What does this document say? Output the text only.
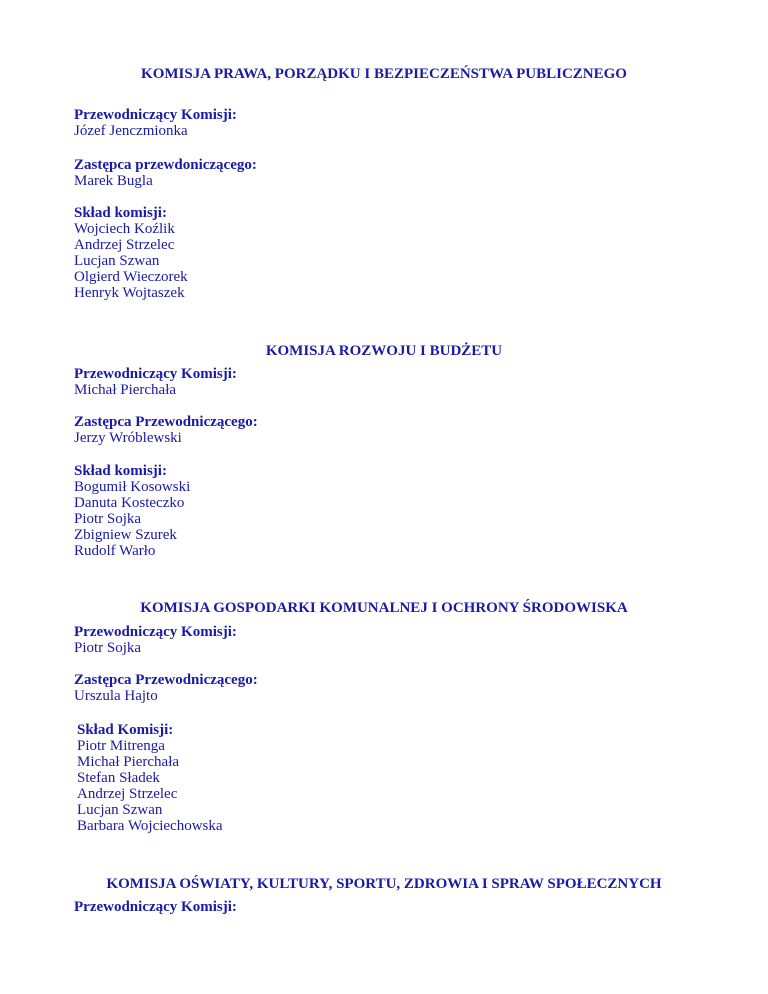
KOMISJA PRAWA, PORZĄDKU I BEZPIECZEŃSTWA PUBLICZNEGO
Przewodniczący Komisji:
Józef Jenczmionka
Zastępca przewdoniczącego:
Marek Bugla
Skład komisji:
Wojciech Koźlik
Andrzej Strzelec
Lucjan Szwan
Olgierd Wieczorek
Henryk Wojtaszek
KOMISJA ROZWOJU I BUDŻETU
Przewodniczący Komisji:
Michał Pierchała
Zastępca Przewodniczącego:
Jerzy Wróblewski
Skład komisji:
Bogumił Kosowski
Danuta Kosteczko
Piotr Sojka
Zbigniew Szurek
Rudolf Warło
KOMISJA GOSPODARKI KOMUNALNEJ I OCHRONY ŚRODOWISKA
Przewodniczący Komisji:
Piotr Sojka
Zastępca Przewodniczącego:
Urszula Hajto
Skład Komisji:
Piotr Mitrenga
Michał Pierchała
Stefan Sładek
Andrzej Strzelec
Lucjan Szwan
Barbara Wojciechowska
KOMISJA OŚWIATY, KULTURY, SPORTU, ZDROWIA I SPRAW SPOŁECZNYCH
Przewodniczący Komisji:
